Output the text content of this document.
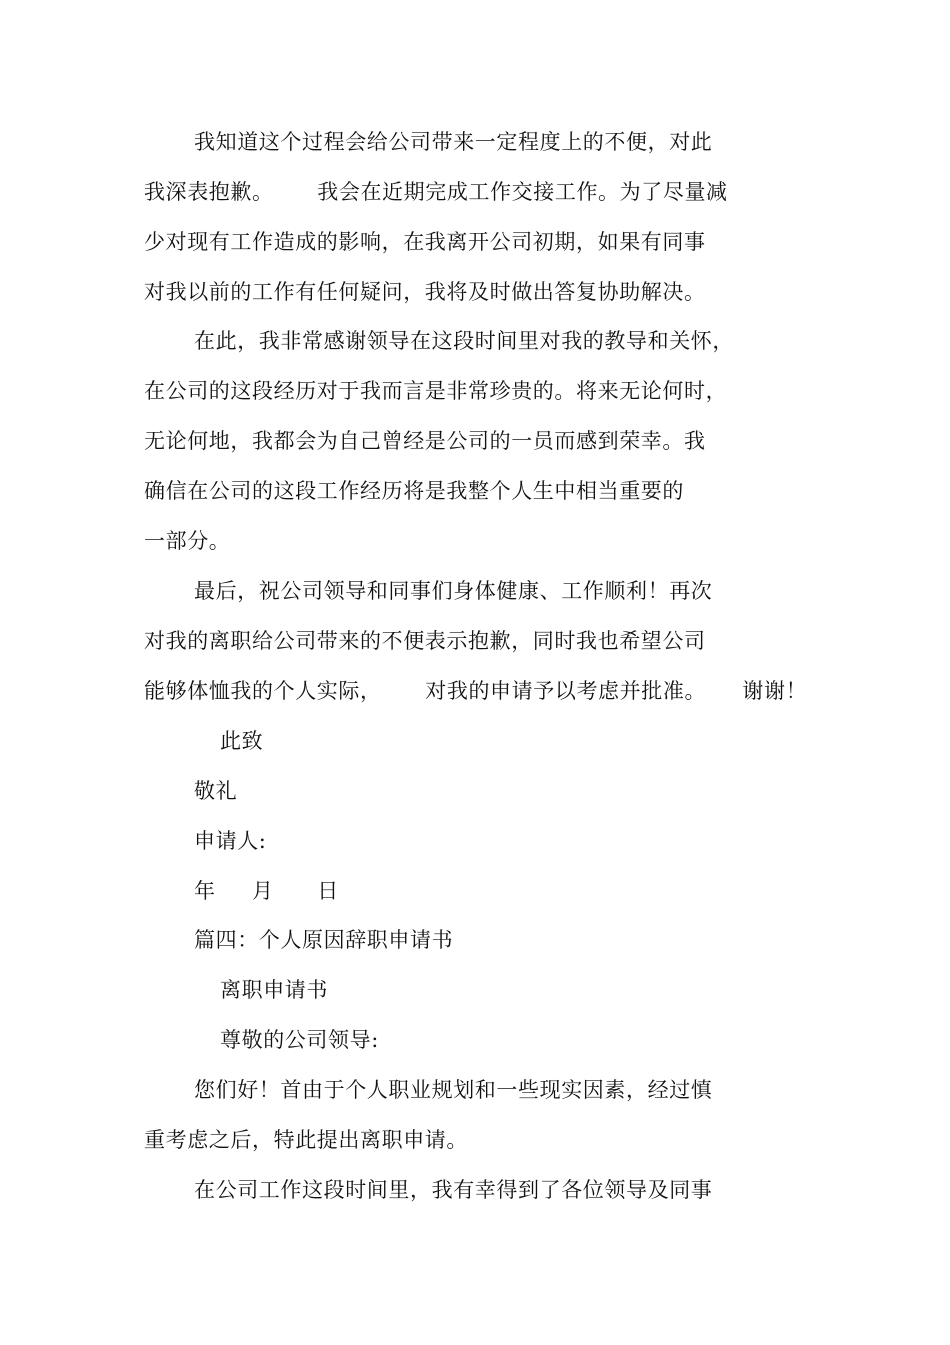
我知道这个过程会给公司带来一定程度上的不便，对此
我深表抱歉。      我会在近期完成工作交接工作。为了尽量减
少对现有工作造成的影响，在我离开公司初期，如果有同事
对我以前的工作有任何疑问，我将及时做出答复协助解决。
在此，我非常感谢领导在这段时间里对我的教导和关怀，
在公司的这段经历对于我而言是非常珍贵的。将来无论何时，
无论何地，我都会为自己曾经是公司的一员而感到荣幸。我
确信在公司的这段工作经历将是我整个人生中相当重要的
一部分。
最后，祝公司领导和同事们身体健康、工作顺利！再次
对我的离职给公司带来的不便表示抱歉，同时我也希望公司
能够体恤我的个人实际，      对我的申请予以考虑并批准。     谢谢！
此致
敬礼
申请人:
年     月      日
篇四：个人原因辞职申请书
离职申请书
尊敬的公司领导:
您们好！首由于个人职业规划和一些现实因素，经过慎
重考虑之后，特此提出离职申请。
在公司工作这段时间里，我有幸得到了各位领导及同事
